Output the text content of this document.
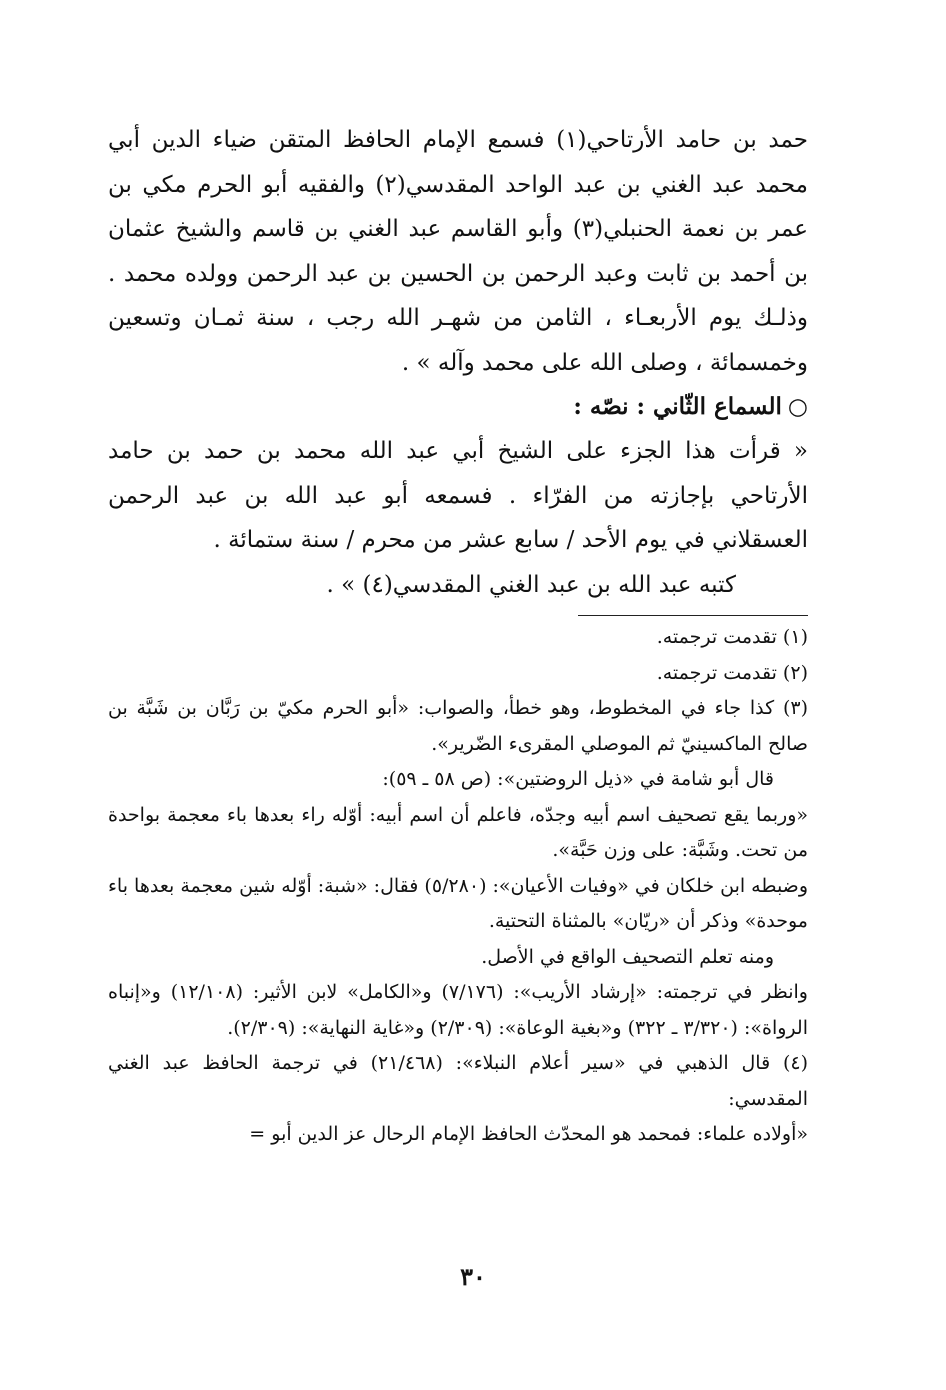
حمد بن حامد الأرتاحي(١) فسمع الإمام الحافظ المتقن ضياء الدين أبي محمد عبد الغني بن عبد الواحد المقدسي(٢) والفقيه أبو الحرم مكي بن عمر بن نعمة الحنبلي(٣) وأبو القاسم عبد الغني بن قاسم والشيخ عثمان بن أحمد بن ثابت وعبد الرحمن بن الحسين بن عبد الرحمن وولده محمد . وذلـك يوم الأربعـاء ، الثامن من شهـر الله رجب ، سنة ثمـان وتسعين وخمسمائة ، وصلى الله على محمد وآله » .

○السماع الثّاني : نصّه :

« قرأت هذا الجزء على الشيخ أبي عبد الله محمد بن حمد بن حامد الأرتاحي بإجازته من الفرّاء . فسمعه أبو عبد الله بن عبد الرحمن العسقلاني في يوم الأحد / سابع عشر من محرم / سنة ستمائة .

كتبه عبد الله بن عبد الغني المقدسي(٤) » .

(١) تقدمت ترجمته.

(٢) تقدمت ترجمته.

(٣) كذا جاء في المخطوط، وهو خطأ، والصواب: «أبو الحرم مكيّ بن رَبَّان بن شَبَّة بن صالح الماكسينيّ ثم الموصلي المقرىء الضّرير».

قال أبو شامة في «ذيل الروضتين»: (ص ٥٨ ـ ٥٩):

«وربما يقع تصحيف اسم أبيه وجدّه، فاعلم أن اسم أبيه: أوّله راء بعدها باء معجمة بواحدة من تحت. وشَبَّة: على وزن حَبَّة».

وضبطه ابن خلكان في «وفيات الأعيان»: (٥/٢٨٠) فقال: «شبة: أوّله شين معجمة بعدها باء موحدة» وذكر أن «ريّان» بالمثناة التحتية.

ومنه تعلم التصحيف الواقع في الأصل.

وانظر في ترجمته: «إرشاد الأريب»: (٧/١٧٦) و«الكامل» لابن الأثير: (١٢/١٠٨) و«إنباه الرواة»: (٣/٣٢٠ ـ ٣٢٢) و«بغية الوعاة»: (٢/٣٠٩) و«غاية النهاية»: (٢/٣٠٩).

(٤) قال الذهبي في «سير أعلام النبلاء»: (٢١/٤٦٨) في ترجمة الحافظ عبد الغني المقدسي:

«أولاده علماء: فمحمد هو المحدّث الحافظ الإمام الرحال عز الدين أبو =

٣٠
